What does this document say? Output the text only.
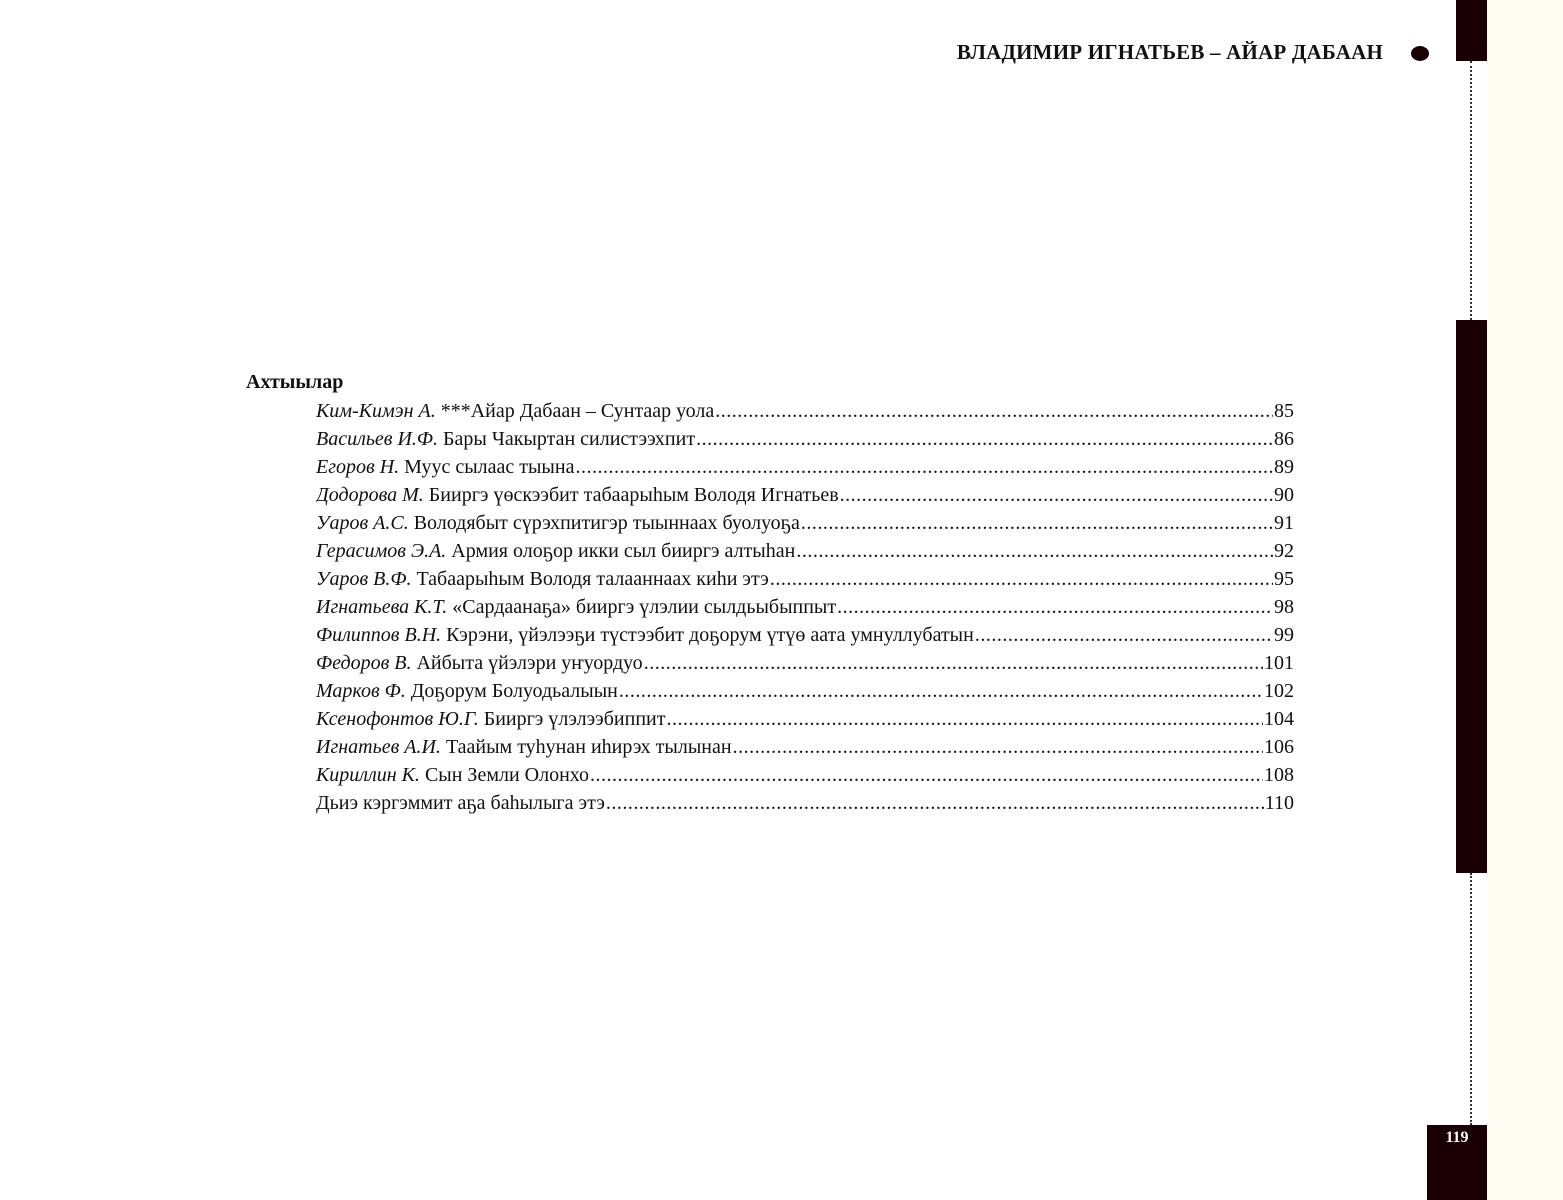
ВЛАДИМИР ИГНАТЬЕВ – АЙАР ДАБААН
119
Ахтыылар
Ким-Кимэн А. ***Айар Дабаан – Сунтаар уола .....	85
Васильев И.Ф. Бары Чакыртан силистээхпит .....	86
Егоров Н. Муус сылаас тыына .....	89
Додорова М. Бииргэ үөскээбит табаарыһым Володя Игнатьев .....	90
Уаров А.С. Володябыт сүрэхпитигэр тыыннаах буолуоҕа .....	91
Герасимов Э.А. Армия олоҕор икки сыл бииргэ алтыһан .....	92
Уаров В.Ф. Табаарыһым Володя талааннаах киһи этэ .....	95
Игнатьева К.Т. «Сардаанаҕа» бииргэ үлэлии сылдьыбыппыт .....	98
Филиппов В.Н. Кэрэни, үйэлээҕи түстээбит доҕорум үтүө аата умнуллубатын .....	99
Федоров В. Айбыта үйэлэри уҥуордуо .....	101
Марков Ф. Доҕорум Болуодьалыын .....	102
Ксенофонтов Ю.Г. Бииргэ үлэлээбиппит .....	104
Игнатьев А.И. Таайым туһунан иһирэх тылынан .....	106
Кириллин К. Сын Земли Олонхо .....	108
Дьиэ кэргэммит аҕа баһылыга этэ .....	110
